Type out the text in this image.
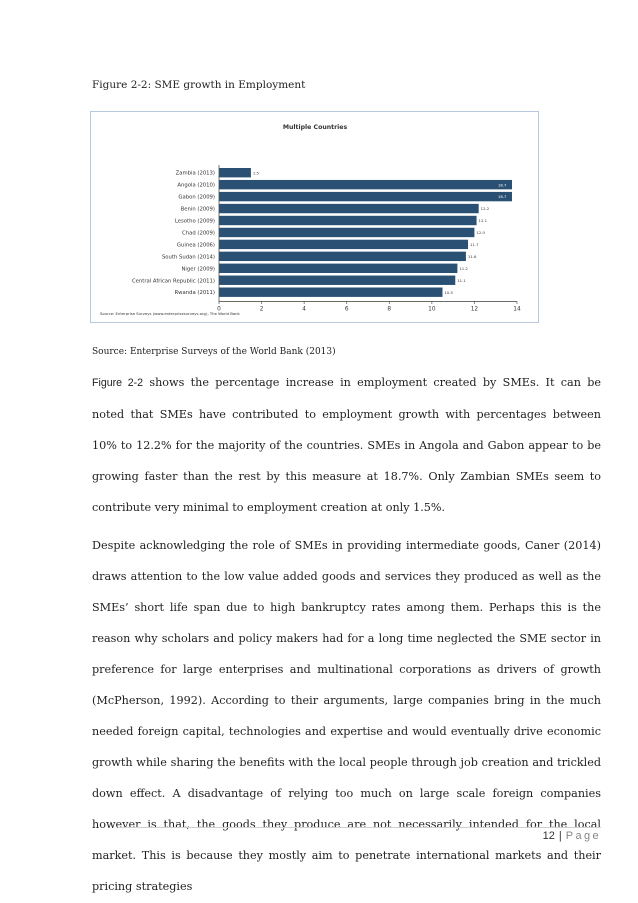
Figure 2-2: SME growth in Employment
Multiple Countries
Zambia (2013)	1.5
Angola (2010)	18.7
Gabon (2009)	18.7
Benin (2009)	12.2
Lesotho (2009)	12.1
Chad (2009)	12.0
Guinea (2006)	11.7
South Sudan (2014)	11.6
Niger (2009)	11.2
Central African Republic (2011)	11.1
Rwanda (2011)	10.5
0	2	4	6	8	10	12	14
Source: Enterprise Surveys (www.enterprisesurveys.org), The World Bank
Source: Enterprise Surveys of the World Bank (2013)

Figure 2-2 shows the percentage increase in employment created by SMEs. It can be noted that SMEs have contributed to employment growth with percentages between 10% to 12.2% for the majority of the countries. SMEs in Angola and Gabon appear to be growing faster than the rest by this measure at 18.7%. Only Zambian SMEs seem to contribute very minimal to employment creation at only 1.5%.

Despite acknowledging the role of SMEs in providing intermediate goods, Caner (2014) draws attention to the low value added goods and services they produced as well as the SMEs’ short life span due to high bankruptcy rates among them. Perhaps this is the reason why scholars and policy makers had for a long time neglected the SME sector in preference for large enterprises and multinational corporations as drivers of growth (McPherson, 1992). According to their arguments, large companies bring in the much needed foreign capital, technologies and expertise and would eventually drive economic growth while sharing the benefits with the local people through job creation and trickled down effect. A disadvantage of relying too much on large scale foreign companies however is that, the goods they produce are not necessarily intended for the local market. This is because they mostly aim to penetrate international markets and their pricing strategies

12 | Page
